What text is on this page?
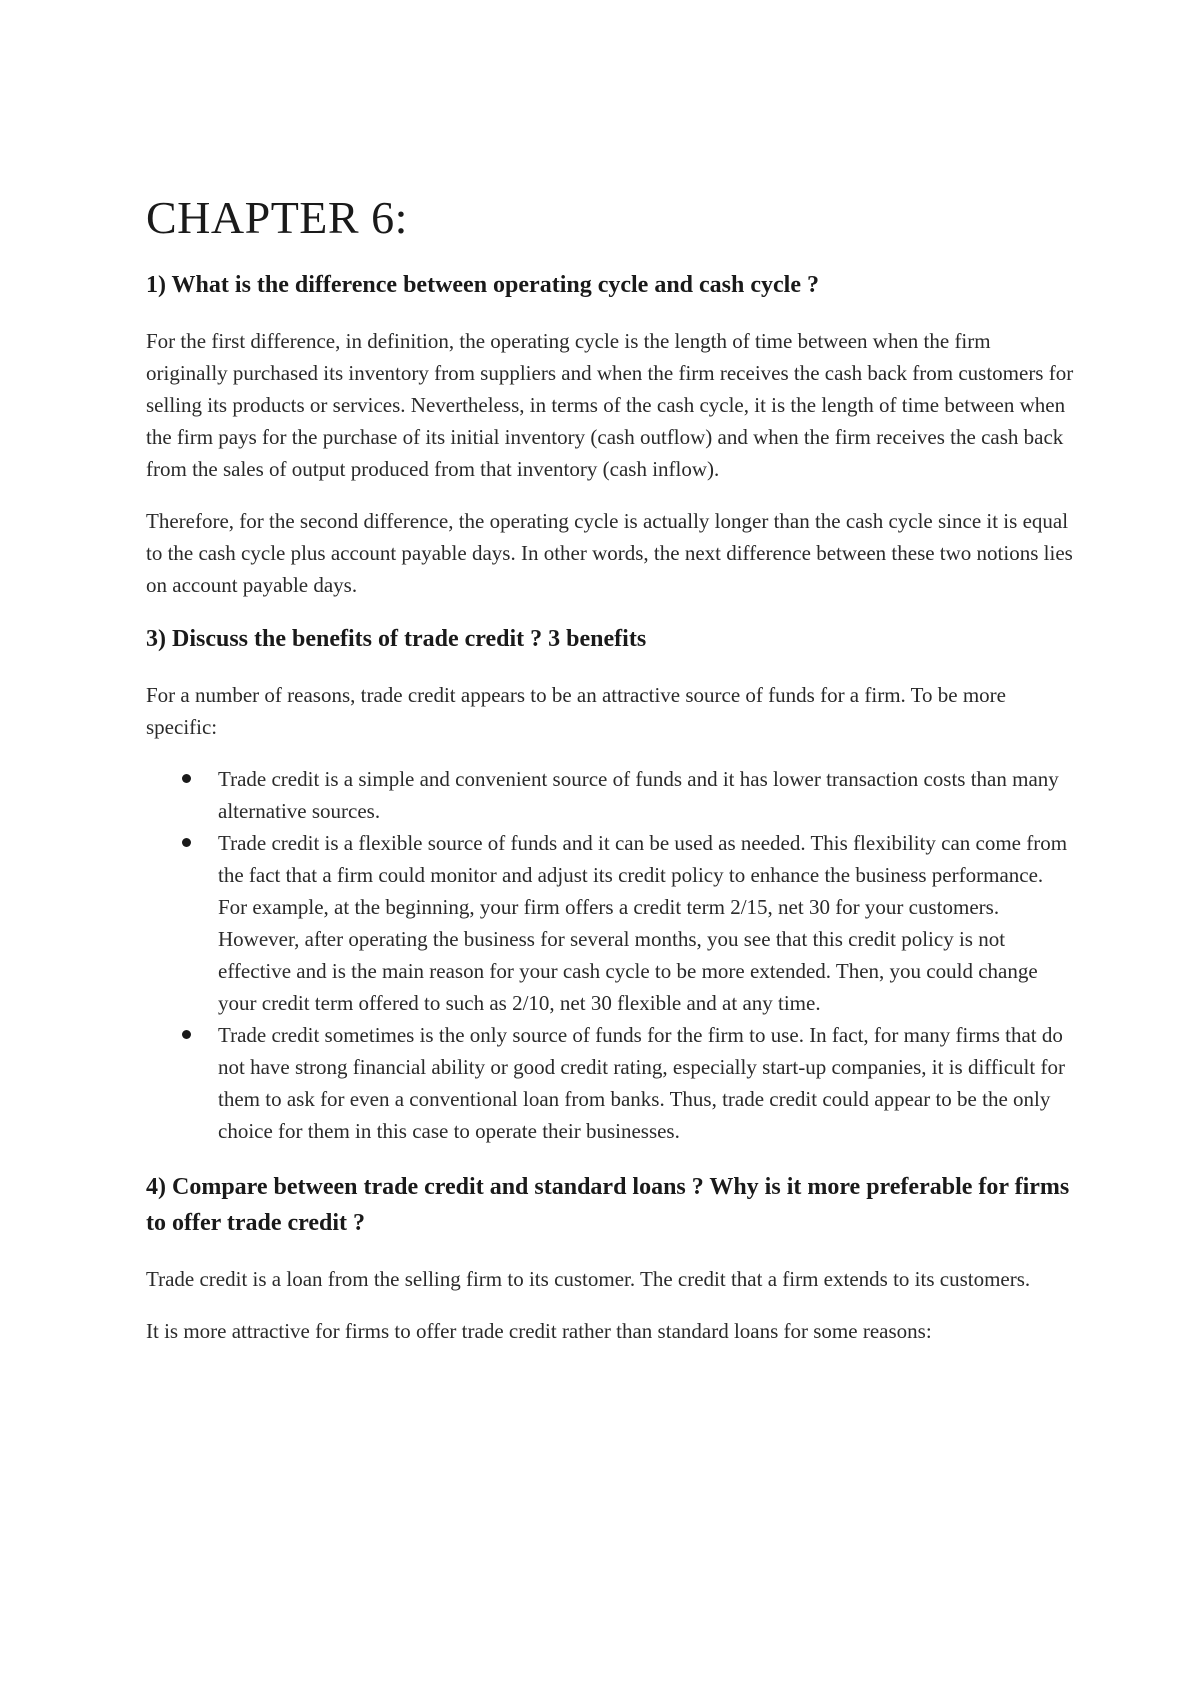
CHAPTER 6:
1) What is the difference between operating cycle and cash cycle ?

For the first difference, in definition, the operating cycle is the length of time between when the firm originally purchased its inventory from suppliers and when the firm receives the cash back from customers for selling its products or services. Nevertheless, in terms of the cash cycle, it is the length of time between when the firm pays for the purchase of its initial inventory (cash outflow) and when the firm receives the cash back from the sales of output produced from that inventory (cash inflow).

Therefore, for the second difference, the operating cycle is actually longer than the cash cycle since it is equal to the cash cycle plus account payable days. In other words, the next difference between these two notions lies on account payable days.

3) Discuss the benefits of trade credit ? 3 benefits

For a number of reasons, trade credit appears to be an attractive source of funds for a firm. To be more specific:

Trade credit is a simple and convenient source of funds and it has lower transaction costs than many alternative sources.
Trade credit is a flexible source of funds and it can be used as needed. This flexibility can come from the fact that a firm could monitor and adjust its credit policy to enhance the business performance. For example, at the beginning, your firm offers a credit term 2/15, net 30 for your customers. However, after operating the business for several months, you see that this credit policy is not effective and is the main reason for your cash cycle to be more extended. Then, you could change your credit term offered to such as 2/10, net 30 flexible and at any time.
Trade credit sometimes is the only source of funds for the firm to use. In fact, for many firms that do not have strong financial ability or good credit rating, especially start-up companies, it is difficult for them to ask for even a conventional loan from banks. Thus, trade credit could appear to be the only choice for them in this case to operate their businesses.
4) Compare between trade credit and standard loans ? Why is it more preferable for firms to offer trade credit ?

Trade credit is a loan from the selling firm to its customer. The credit that a firm extends to its customers.

It is more attractive for firms to offer trade credit rather than standard loans for some reasons:
